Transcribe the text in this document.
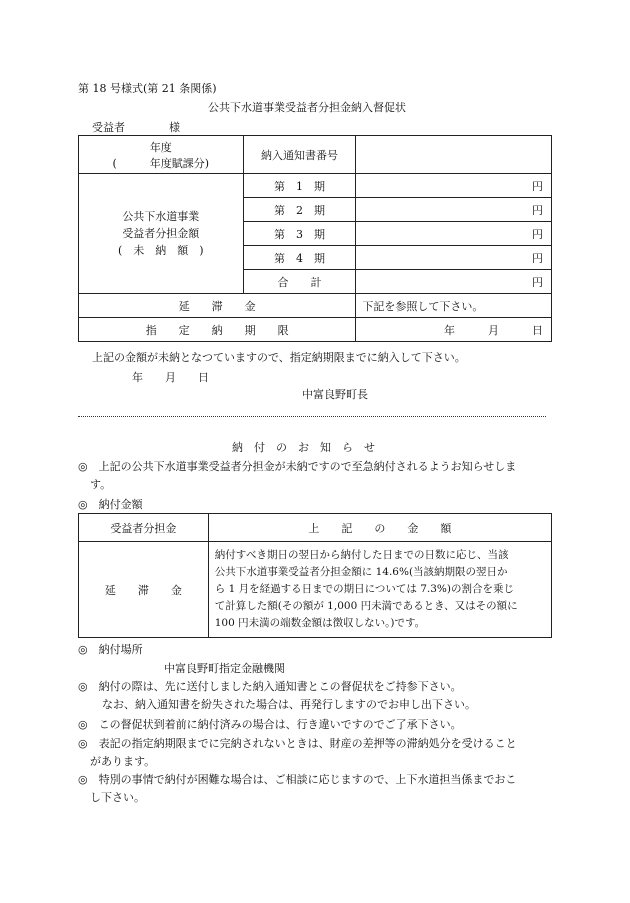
第 18 号様式(第 21 条関係)
公共下水道事業受益者分担金納入督促状
受益者　　　　様
年度
(　　　年度賦課分)	納入通知書番号	

公共下水道事業
受益者分担金額
(　未　納　額　)	第　1　期	円
	第　2　期	円
	第　3　期	円
	第　4　期	円
	合　　計	円
延　　滞　　金		下記を参照して下さい。
指　　定　　納　　期　　限		年　　　月　　　日
上記の金額が未納となつていますので、指定納期限までに納入して下さい。
年　　月　　日
中富良野町長
納　付　の　お　知　ら　せ
◎　上記の公共下水道事業受益者分担金が未納ですので至急納付されるようお知らせしま
す。
◎　納付金額
受益者分担金	上　　記　　の　　金　　額
延　　滞　　金	納付すべき期日の翌日から納付した日までの日数に応じ、当該
公共下水道事業受益者分担金額に 14.6%(当該納期限の翌日か
ら 1 月を経過する日までの期日については 7.3%)の割合を乗じ
て計算した額(その額が 1,000 円未満であるとき、又はその額に
100 円未満の端数金額は徴収しない。)です。
◎　納付場所
中富良野町指定金融機関
◎　納付の際は、先に送付しました納入通知書とこの督促状をご持参下さい。
なお、納入通知書を紛失された場合は、再発行しますのでお申し出下さい。
◎　この督促状到着前に納付済みの場合は、行き違いですのでご了承下さい。
◎　表記の指定納期限までに完納されないときは、財産の差押等の滞納処分を受けること
があります。
◎　特別の事情で納付が困難な場合は、ご相談に応じますので、上下水道担当係までおこ
し下さい。
